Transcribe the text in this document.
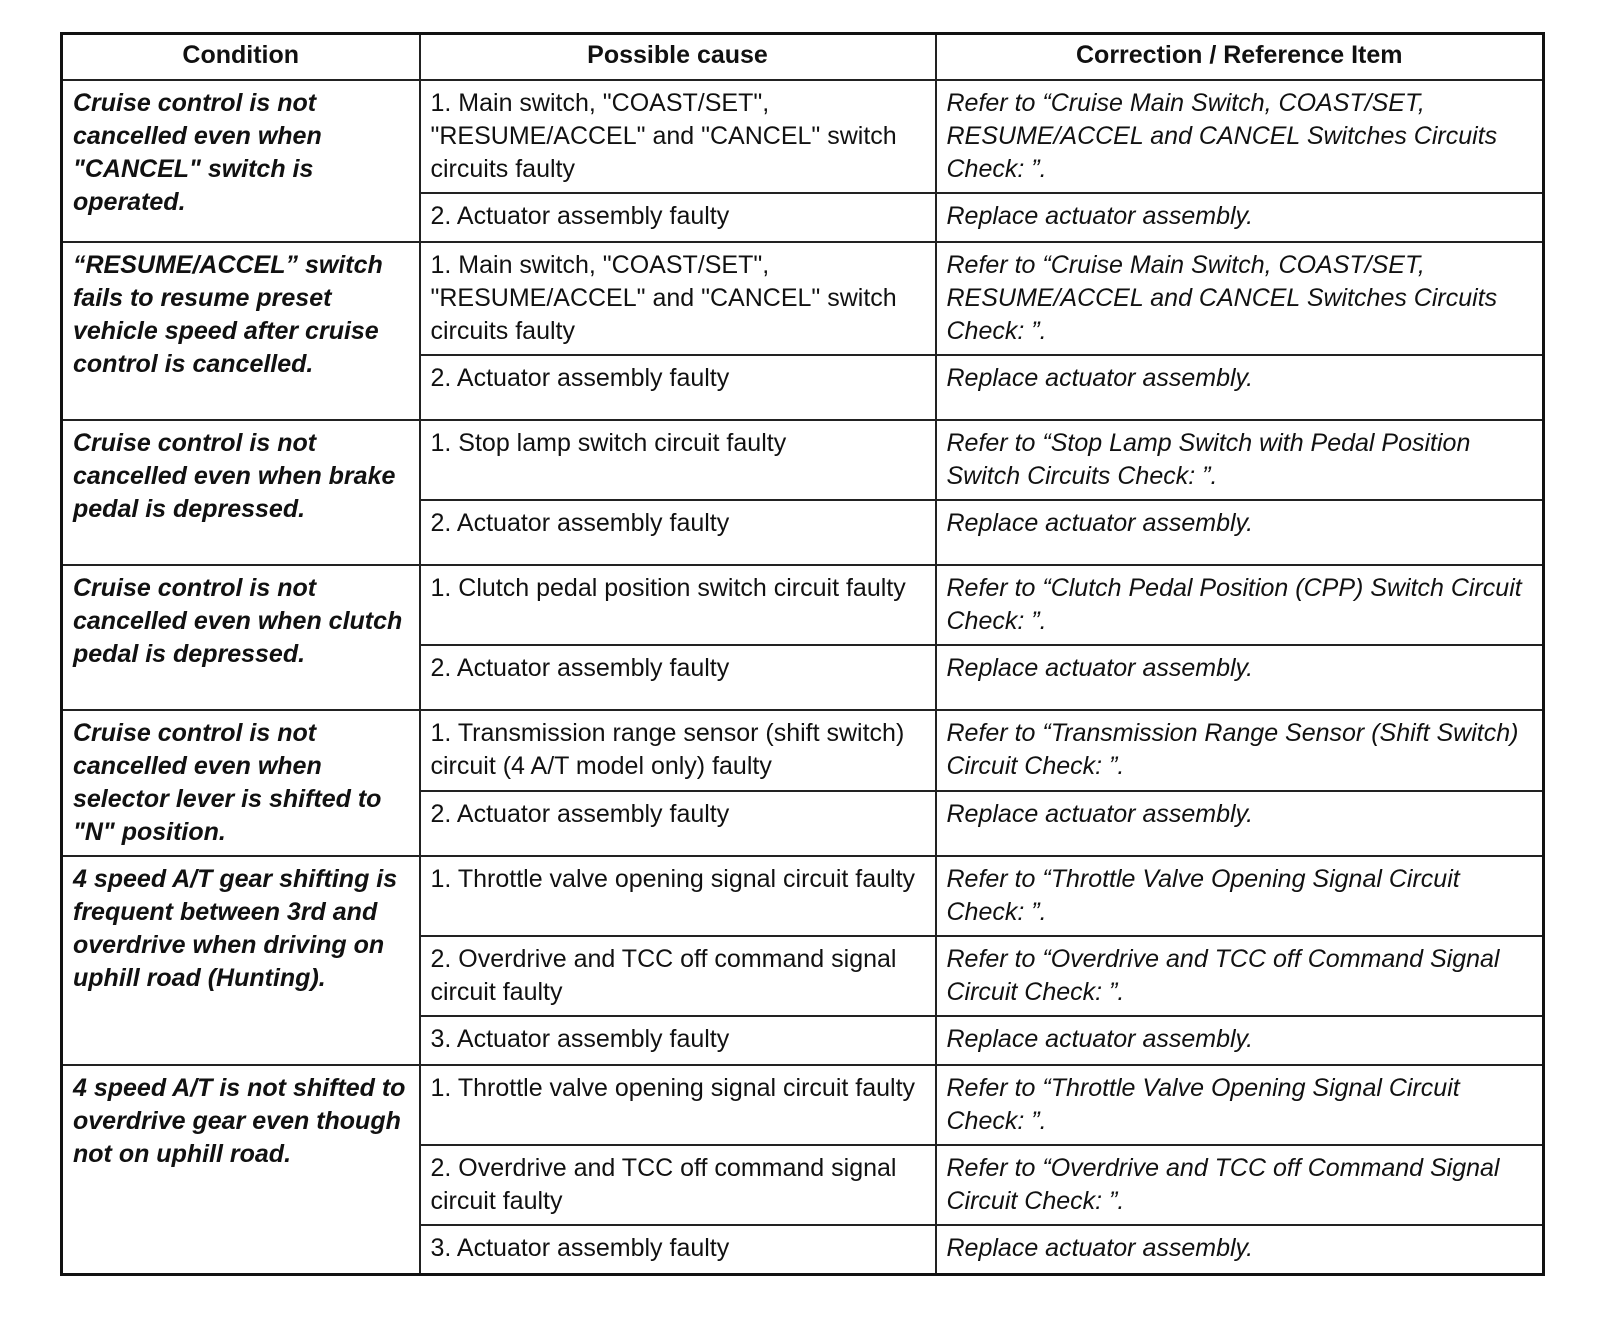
Condition	Possible cause	Correction / Reference Item
Cruise control is not cancelled even when "CANCEL" switch is operated.	1. Main switch, "COAST/SET", "RESUME/ACCEL" and "CANCEL" switch circuits faulty	Refer to “Cruise Main Switch, COAST/SET, RESUME/ACCEL and CANCEL Switches Circuits Check: ”.
	2. Actuator assembly faulty	Replace actuator assembly.
“RESUME/ACCEL” switch fails to resume preset vehicle speed after cruise control is cancelled.	1. Main switch, "COAST/SET", "RESUME/ACCEL" and "CANCEL" switch circuits faulty	Refer to “Cruise Main Switch, COAST/SET, RESUME/ACCEL and CANCEL Switches Circuits Check: ”.
	2. Actuator assembly faulty	Replace actuator assembly.
Cruise control is not cancelled even when brake pedal is depressed.	1. Stop lamp switch circuit faulty	Refer to “Stop Lamp Switch with Pedal Position Switch Circuits Check: ”.
	2. Actuator assembly faulty	Replace actuator assembly.
Cruise control is not cancelled even when clutch pedal is depressed.	1. Clutch pedal position switch circuit faulty	Refer to “Clutch Pedal Position (CPP) Switch Circuit Check: ”.
	2. Actuator assembly faulty	Replace actuator assembly.
Cruise control is not cancelled even when selector lever is shifted to "N" position.	1. Transmission range sensor (shift switch) circuit (4 A/T model only) faulty	Refer to “Transmission Range Sensor (Shift Switch) Circuit Check: ”.
	2. Actuator assembly faulty	Replace actuator assembly.
4 speed A/T gear shifting is frequent between 3rd and overdrive when driving on uphill road (Hunting).	1. Throttle valve opening signal circuit faulty	Refer to “Throttle Valve Opening Signal Circuit Check: ”.
	2. Overdrive and TCC off command signal circuit faulty	Refer to “Overdrive and TCC off Command Signal Circuit Check: ”.
	3. Actuator assembly faulty	Replace actuator assembly.
4 speed A/T is not shifted to overdrive gear even though not on uphill road.	1. Throttle valve opening signal circuit faulty	Refer to “Throttle Valve Opening Signal Circuit Check: ”.
	2. Overdrive and TCC off command signal circuit faulty	Refer to “Overdrive and TCC off Command Signal Circuit Check: ”.
	3. Actuator assembly faulty	Replace actuator assembly.
